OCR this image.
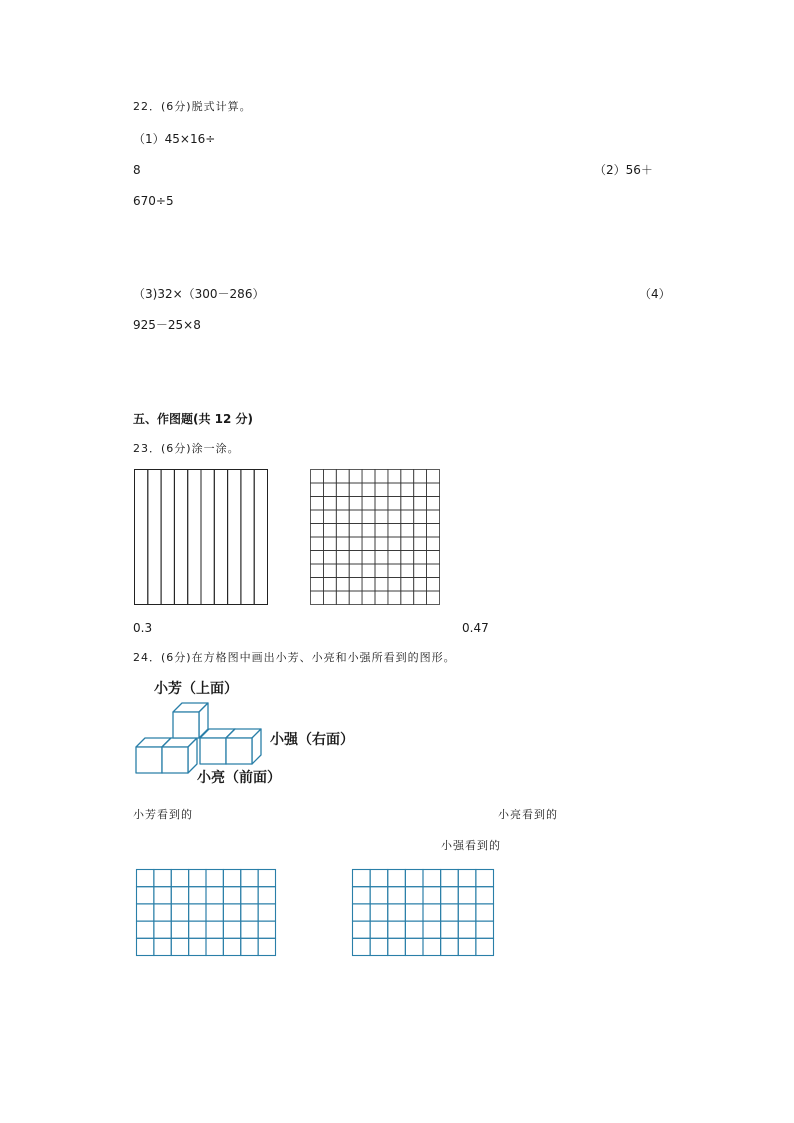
22．(6分)脱式计算。
（1）45×16÷
8	（2）56＋
670÷5
（3)32×（300－286）	（4）
925－25×8
五、作图题(共 12 分)
23．(6分)涂一涂。
0.3	0.47
24．(6分)在方格图中画出小芳、小亮和小强所看到的图形。
小芳（上面）
小强（右面）
小亮（前面）
小芳看到的	小亮看到的
小强看到的
